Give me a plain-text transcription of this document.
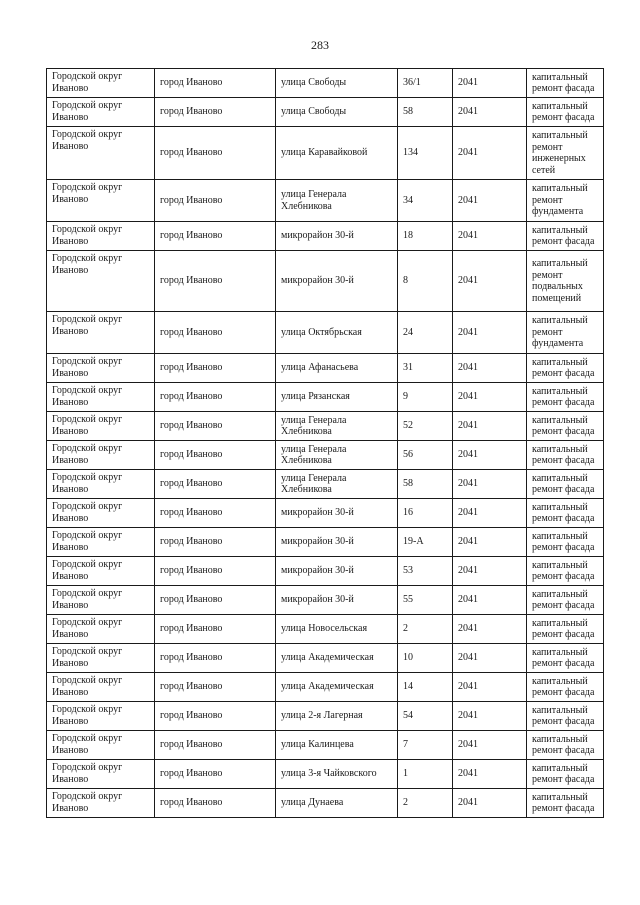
283
Городской округ Иваново	город Иваново	улица Свободы	36/1	2041	капитальный ремонт фасада
Городской округ Иваново	город Иваново	улица Свободы	58	2041	капитальный ремонт фасада
Городской округ Иваново	город Иваново	улица Каравайковой	134	2041	капитальный ремонт инженерных сетей
Городской округ Иваново	город Иваново	улица Генерала Хлебникова	34	2041	капитальный ремонт фундамента
Городской округ Иваново	город Иваново	микрорайон 30-й	18	2041	капитальный ремонт фасада
Городской округ Иваново	город Иваново	микрорайон 30-й	8	2041	капитальный ремонт подвальных помещений
Городской округ Иваново	город Иваново	улица Октябрьская	24	2041	капитальный ремонт фундамента
Городской округ Иваново	город Иваново	улица Афанасьева	31	2041	капитальный ремонт фасада
Городской округ Иваново	город Иваново	улица Рязанская	9	2041	капитальный ремонт фасада
Городской округ Иваново	город Иваново	улица Генерала Хлебникова	52	2041	капитальный ремонт фасада
Городской округ Иваново	город Иваново	улица Генерала Хлебникова	56	2041	капитальный ремонт фасада
Городской округ Иваново	город Иваново	улица Генерала Хлебникова	58	2041	капитальный ремонт фасада
Городской округ Иваново	город Иваново	микрорайон 30-й	16	2041	капитальный ремонт фасада
Городской округ Иваново	город Иваново	микрорайон 30-й	19-А	2041	капитальный ремонт фасада
Городской округ Иваново	город Иваново	микрорайон 30-й	53	2041	капитальный ремонт фасада
Городской округ Иваново	город Иваново	микрорайон 30-й	55	2041	капитальный ремонт фасада
Городской округ Иваново	город Иваново	улица Новосельская	2	2041	капитальный ремонт фасада
Городской округ Иваново	город Иваново	улица Академическая	10	2041	капитальный ремонт фасада
Городской округ Иваново	город Иваново	улица Академическая	14	2041	капитальный ремонт фасада
Городской округ Иваново	город Иваново	улица 2-я Лагерная	54	2041	капитальный ремонт фасада
Городской округ Иваново	город Иваново	улица Калинцева	7	2041	капитальный ремонт фасада
Городской округ Иваново	город Иваново	улица 3-я Чайковского	1	2041	капитальный ремонт фасада
Городской округ Иваново	город Иваново	улица Дунаева	2	2041	капитальный ремонт фасада
